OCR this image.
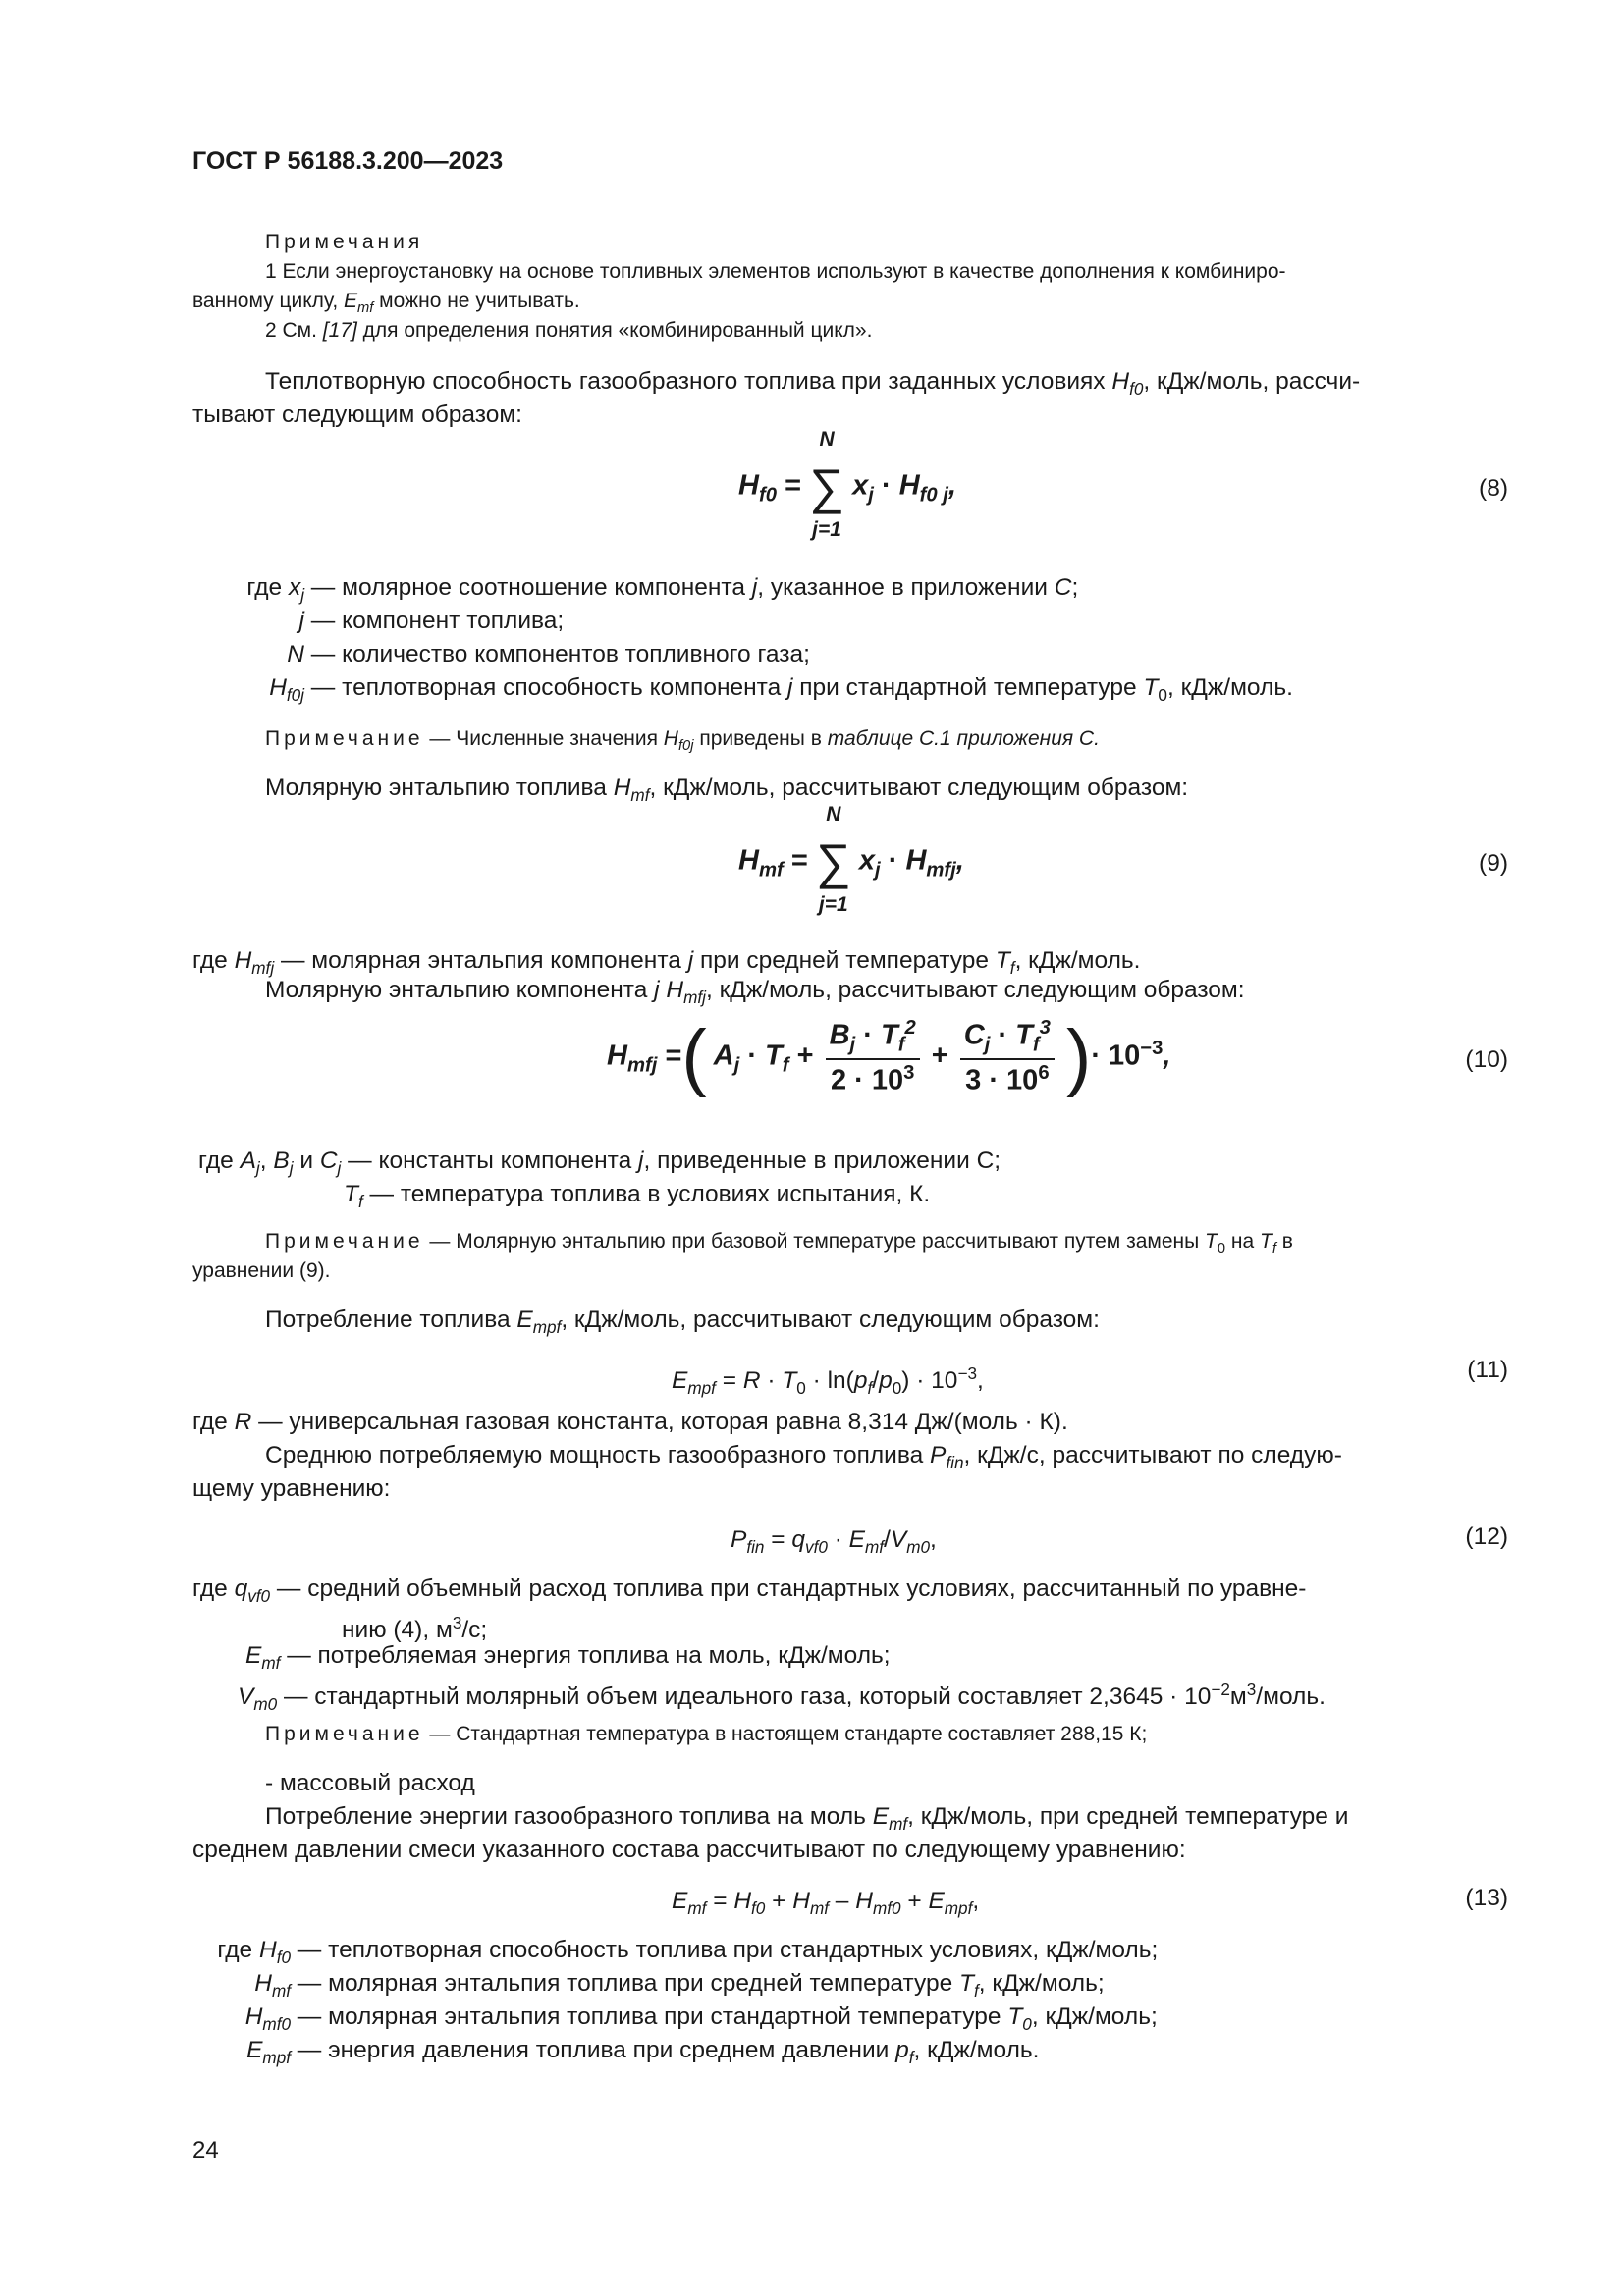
ГОСТ Р 56188.3.200—2023
Примечания
1 Если энергоустановку на основе топливных элементов используют в качестве дополнения к комбиниро-
ванному циклу, $E_{mf}$ можно не учитывать.
2 См. [17] для определения понятия «комбинированный цикл».
Теплотворную способность газообразного топлива при заданных условиях $H_{f0}$, кДж/моль, рассчи-
тывают следующим образом:
$H_{f0}$ =
N
∑
j=1
$x_j \cdot H_{f0 j}$,	(8)
где $x_j$ — молярное соотношение компонента j, указанное в приложении C;
j — компонент топлива;
N — количество компонентов топливного газа;
$H_{f0j}$ — теплотворная способность компонента j при стандартной температуре $T_0$, кДж/моль.
Примечание — Численные значения $H_{f0j}$ приведены в таблице С.1 приложения С.
Молярную энтальпию топлива $H_{mf}$, кДж/моль, рассчитывают следующим образом:
$H_{mf}$ =
N
∑
j=1
$x_j \cdot H_{mfj}$,	(9)
где $H_{mfj}$ — молярная энтальпия компонента j при средней температуре $T_f$, кДж/моль.
Молярную энтальпию компонента j $H_{mfj}$, кДж/моль, рассчитывают следующим образом:
$H_{mfj}$ =( $A_j \cdot T_f + \frac{B_j \cdot T_f^2}{2 \cdot 10^3} + \frac{C_j \cdot T_f^3}{3 \cdot 10^6}$ )· $10^{-3}$,	(10)
где $A_j$, $B_j$ и $C_j$ — константы компонента j, приведенные в приложении С;
$T_f$ — температура топлива в условиях испытания, К.
Примечание — Молярную энтальпию при базовой температуре рассчитывают путем замены $T_0$ на $T_f$ в
уравнении (9).
Потребление топлива $E_{mpf}$, кДж/моль, рассчитывают следующим образом:
$E_{mpf} = R \cdot T_0 \cdot \ln(p_f/p_0) \cdot 10^{-3}$,	(11)
где R — универсальная газовая константа, которая равна 8,314 Дж/(моль · К).
Среднюю потребляемую мощность газообразного топлива $P_{fin}$, кДж/с, рассчитывают по следую-
щему уравнению:
$P_{fin} = q_{vf0} \cdot E_{mf}/V_{m0}$,	(12)
где $q_{vf0}$ — средний объемный расход топлива при стандартных условиях, рассчитанный по уравне-
нию (4), $м^3/с$;
$E_{mf}$ — потребляемая энергия топлива на моль, кДж/моль;
$V_{m0}$ — стандартный молярный объем идеального газа, который составляет $2,3645 \cdot 10^{-2}м^3$/моль.
Примечание — Стандартная температура в настоящем стандарте составляет 288,15 К;
- массовый расход
Потребление энергии газообразного топлива на моль $E_{mf}$, кДж/моль, при средней температуре и
среднем давлении смеси указанного состава рассчитывают по следующему уравнению:
$E_{mf} = H_{f0} + H_{mf} - H_{mf0} + E_{mpf}$,	(13)
где $H_{f0}$ — теплотворная способность топлива при стандартных условиях, кДж/моль;
$H_{mf}$ — молярная энтальпия топлива при средней температуре $T_f$, кДж/моль;
$H_{mf0}$ — молярная энтальпия топлива при стандартной температуре $T_0$, кДж/моль;
$E_{mpf}$ — энергия давления топлива при среднем давлении $p_f$, кДж/моль.
24
